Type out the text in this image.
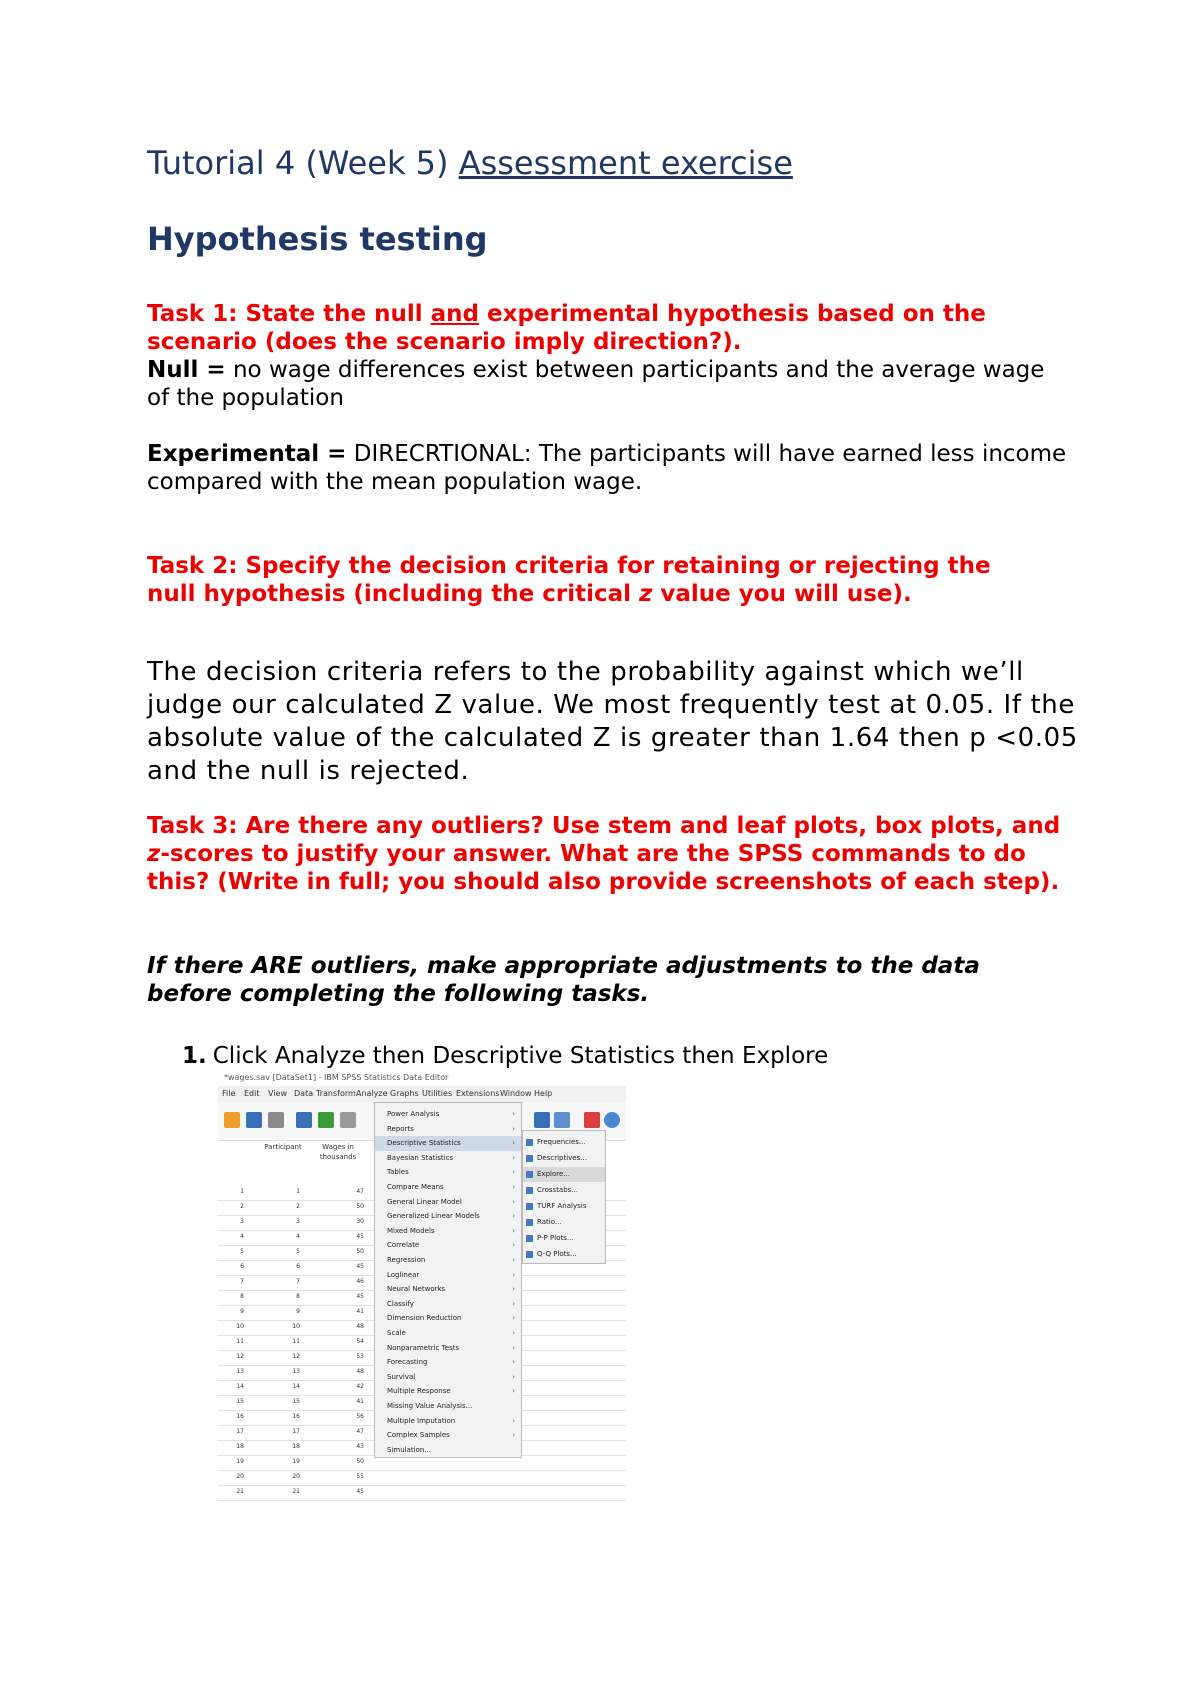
Tutorial 4 (Week 5) Assessment exercise
Hypothesis testing
Task 1: State the null and experimental hypothesis based on the
scenario (does the scenario imply direction?).
Null = no wage differences exist between participants and the average wage of the population
Experimental = DIRECRTIONAL: The participants will have earned less income compared with the mean population wage.
Task 2: Specify the decision criteria for retaining or rejecting the
null hypothesis (including the critical z value you will use).
The decision criteria refers to the probability against which we’ll judge our calculated Z value. We most frequently test at 0.05. If the absolute value of the calculated Z is greater than 1.64 then p <0.05 and the null is rejected.
Task 3: Are there any outliers? Use stem and leaf plots, box plots, and z-scores to justify your answer. What are the SPSS commands to do this? (Write in full; you should also provide screenshots of each step).
If there ARE outliers, make appropriate adjustments to the data before completing the following tasks.
1. Click Analyze then Descriptive Statistics then Explore
*wages.sav [DataSet1] - IBM SPSS Statistics Data Editor
File Edit View Data Transform Analyze Graphs Utilities Extensions Window Help
Participant	Wages in thousands
1	1	47
2	2	50
3	3	30
4	4	45
5	5	50
6	6	45
7	7	46
8	8	45
9	9	41
10	10	48
11	11	54
12	12	53
13	13	48
14	14	42
15	15	41
16	16	56
17	17	47
18	18	43
19	19	50
20	20	55
21	21	45
Power Analysis	›
Reports	›
Descriptive Statistics	›
Bayesian Statistics	›
Tables	›
Compare Means	›
General Linear Model	›
Generalized Linear Models	›
Mixed Models	›
Correlate	›
Regression	›
Loglinear	›
Neural Networks	›
Classify	›
Dimension Reduction	›
Scale	›
Nonparametric Tests	›
Forecasting	›
Survival	›
Multiple Response	›
Missing Value Analysis...
Multiple Imputation	›
Complex Samples	›
Simulation...
Frequencies...
Descriptives...
Explore...
Crosstabs...
TURF Analysis
Ratio...
P-P Plots...
Q-Q Plots...
